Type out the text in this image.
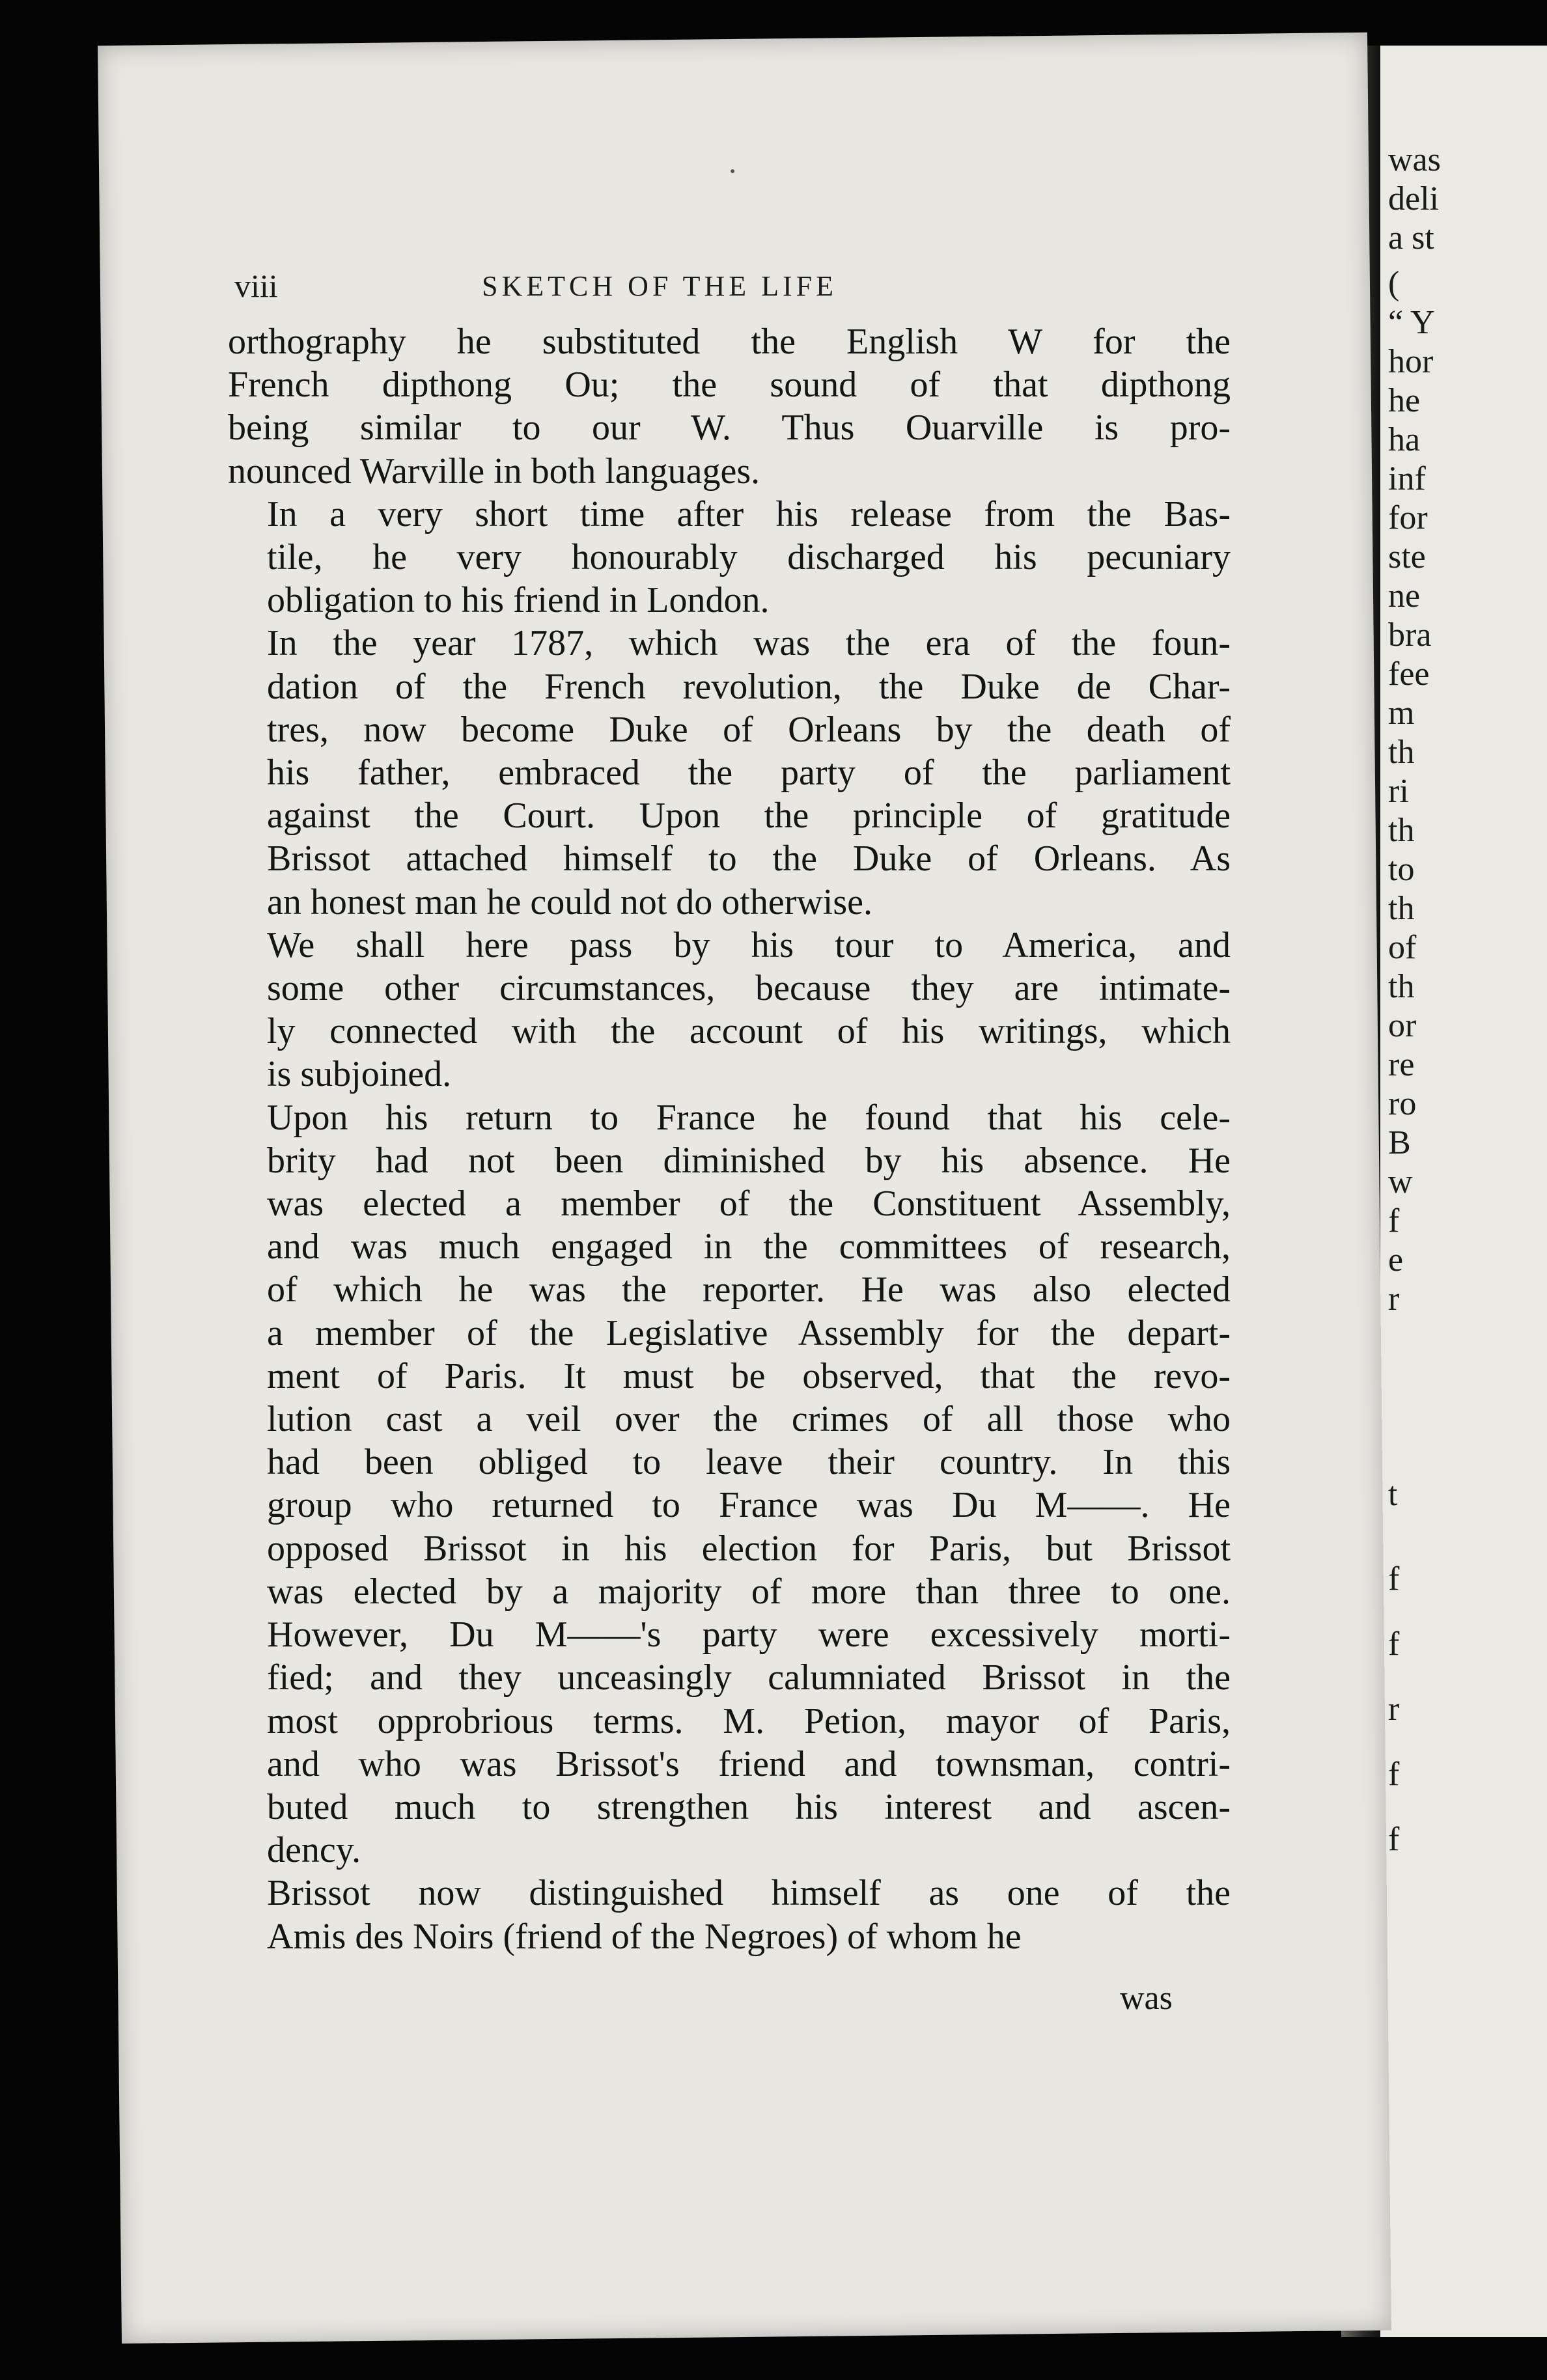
was
deli
a st
(
“ Y
hor
he
ha
inf
for
ste
ne
bra
fee
m
th
ri
th
to
th
of
th
or
re
ro
B
w
f
e
r
t
f
f
r
f
f
viii	SKETCH OF THE LIFE

orthography he substituted the English W for the
French dipthong Ou; the sound of that dipthong
being similar to our W. Thus Ouarville is pro-
nounced Warville in both languages.

In a very short time after his release from the Bas-
tile, he very honourably discharged his pecuniary
obligation to his friend in London.

In the year 1787, which was the era of the foun-
dation of the French revolution, the Duke de Char-
tres, now become Duke of Orleans by the death of
his father, embraced the party of the parliament
against the Court. Upon the principle of gratitude
Brissot attached himself to the Duke of Orleans. As
an honest man he could not do otherwise.

We shall here pass by his tour to America, and
some other circumstances, because they are intimate-
ly connected with the account of his writings, which
is subjoined.

Upon his return to France he found that his cele-
brity had not been diminished by his absence. He
was elected a member of the Constituent Assembly,
and was much engaged in the committees of research,
of which he was the reporter. He was also elected
a member of the Legislative Assembly for the depart-
ment of Paris. It must be observed, that the revo-
lution cast a veil over the crimes of all those who
had been obliged to leave their country. In this
group who returned to France was Du M——. He
opposed Brissot in his election for Paris, but Brissot
was elected by a majority of more than three to one.
However, Du M——'s party were excessively morti-
fied; and they unceasingly calumniated Brissot in the
most opprobrious terms. M. Petion, mayor of Paris,
and who was Brissot's friend and townsman, contri-
buted much to strengthen his interest and ascen-
dency.

Brissot now distinguished himself as one of the
Amis des Noirs (friend of the Negroes) of whom he

was
